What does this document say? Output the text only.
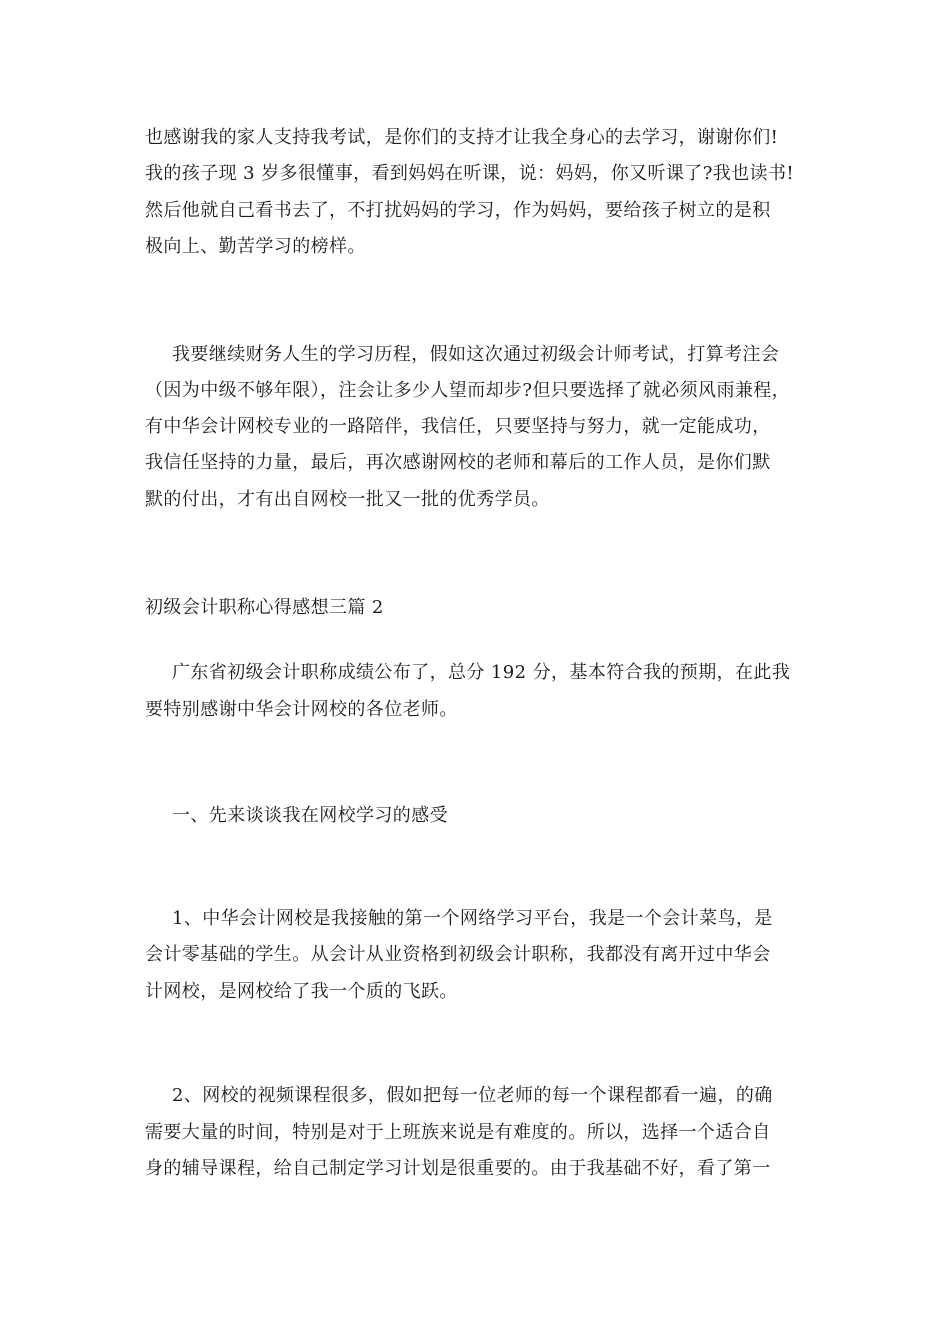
也感谢我的家人支持我考试，是你们的支持才让我全身心的去学习，谢谢你们!
我的孩子现 3 岁多很懂事，看到妈妈在听课，说：妈妈，你又听课了?我也读书!
然后他就自己看书去了，不打扰妈妈的学习，作为妈妈，要给孩子树立的是积
极向上、勤苦学习的榜样。
我要继续财务人生的学习历程，假如这次通过初级会计师考试，打算考注会
（因为中级不够年限），注会让多少人望而却步?但只要选择了就必须风雨兼程，
有中华会计网校专业的一路陪伴，我信任，只要坚持与努力，就一定能成功，
我信任坚持的力量，最后，再次感谢网校的老师和幕后的工作人员，是你们默
默的付出，才有出自网校一批又一批的优秀学员。
初级会计职称心得感想三篇 2
广东省初级会计职称成绩公布了，总分 192 分，基本符合我的预期，在此我
要特别感谢中华会计网校的各位老师。
一、先来谈谈我在网校学习的感受
1、中华会计网校是我接触的第一个网络学习平台，我是一个会计菜鸟，是
会计零基础的学生。从会计从业资格到初级会计职称，我都没有离开过中华会
计网校，是网校给了我一个质的飞跃。
2、网校的视频课程很多，假如把每一位老师的每一个课程都看一遍，的确
需要大量的时间，特别是对于上班族来说是有难度的。所以，选择一个适合自
身的辅导课程，给自己制定学习计划是很重要的。由于我基础不好，看了第一
